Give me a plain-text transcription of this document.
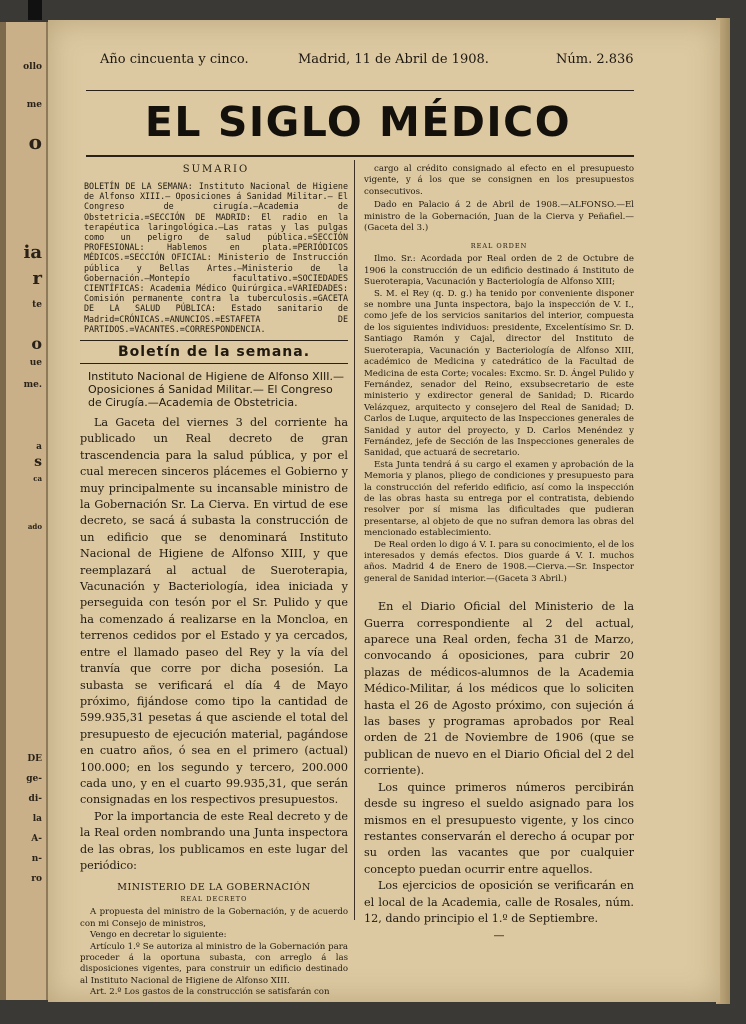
ollo
me
o
ia
r
te
o
ue
me.
a
s
ca
ado
DE
ge-
di-
la
A-
n-
ro
Año cincuenta y cinco.	Madrid, 11 de Abril de 1908.	Núm. 2.836
EL SIGLO MÉDICO
SUMARIO

BOLETÍN DE LA SEMANA: Instituto Nacional de Higiene de Alfonso XIII.— Oposiciones á Sanidad Militar.— El Congreso de cirugía.—Academia de Obstetricia.=SECCIÓN DE MADRID: El radio en la terapéutica laringológica.—Las ratas y las pulgas como un peligro de salud pública.=SECCIÓN PROFESIONAL: Hablemos en plata.=PERIÓDICOS MÉDICOS.=SECCIÓN OFICIAL: Ministerio de Instrucción pública y Bellas Artes.—Ministerio de la Gobernación.—Montepío facultativo.=SOCIEDADES CIENTÍFICAS: Academia Médico Quirúrgica.=VARIEDADES: Comisión permanente contra la tuberculosis.=GACETA DE LA SALUD PÚBLICA: Estado sanitario de Madrid=CRÓNICAS.=ANUNCIOS.=ESTAFETA DE PARTIDOS.=VACANTES.=CORRESPONDENCIA.

Boletín de la semana.

Instituto Nacional de Higiene de Alfonso XIII.—Oposiciones á Sanidad Militar.— El Congreso de Cirugía.—Academia de Obstetricia.

La Gaceta del viernes 3 del corriente ha publicado un Real decreto de gran trascendencia para la salud pública, y por el cual merecen sinceros plácemes el Gobierno y muy principalmente su incansable ministro de la Gobernación Sr. La Cierva. En virtud de ese decreto, se sacá á subasta la construcción de un edificio que se denominará Instituto Nacional de Higiene de Alfonso XIII, y que reemplazará al actual de Sueroterapia, Vacunación y Bacteriología, idea iniciada y perseguida con tesón por el Sr. Pulido y que ha comenzado á realizarse en la Moncloa, en terrenos cedidos por el Estado y ya cercados, entre el llamado paseo del Rey y la vía del tranvía que corre por dicha posesión. La subasta se verificará el día 4 de Mayo próximo, fijándose como tipo la cantidad de 599.935,31 pesetas á que asciende el total del presupuesto de ejecución material, pagándose en cuatro años, ó sea en el primero (actual) 100.000; en los segundo y tercero, 200.000 cada uno, y en el cuarto 99.935,31, que serán consignadas en los respectivos presupuestos.

Por la importancia de este Real decreto y de la Real orden nombrando una Junta inspectora de las obras, los publicamos en este lugar del periódico:

MINISTERIO DE LA GOBERNACIÓN
REAL DECRETO

A propuesta del ministro de la Gobernación, y de acuerdo con mi Consejo de ministros,

Vengo en decretar lo siguiente:

Artículo 1.º Se autoriza al ministro de la Gobernación para proceder á la oportuna subasta, con arreglo á las disposiciones vigentes, para construir un edificio destinado al Instituto Nacional de Higiene de Alfonso XIII.

Art. 2.º Los gastos de la construcción se satisfarán con

cargo al crédito consignado al efecto en el presupuesto vigente, y á los que se consignen en los presupuestos consecutivos.

Dado en Palacio á 2 de Abril de 1908.—ALFONSO.—El ministro de la Gobernación, Juan de la Cierva y Peñafiel.—(Gaceta del 3.)

REAL ORDEN

Ilmo. Sr.: Acordada por Real orden de 2 de Octubre de 1906 la construcción de un edificio destinado á Instituto de Sueroterapia, Vacunación y Bacteriología de Alfonso XIII;

S. M. el Rey (q. D. g.) ha tenido por conveniente disponer se nombre una Junta inspectora, bajo la inspección de V. I., como jefe de los servicios sanitarios del interior, compuesta de los siguientes individuos: presidente, Excelentísimo Sr. D. Santiago Ramón y Cajal, director del Instituto de Sueroterapia, Vacunación y Bacteriología de Alfonso XIII, académico de Medicina y catedrático de la Facultad de Medicina de esta Corte; vocales: Excmo. Sr. D. Ángel Pulido y Fernández, senador del Reino, exsubsecretario de este ministerio y exdirector general de Sanidad; D. Ricardo Velázquez, arquitecto y consejero del Real de Sanidad; D. Carlos de Luque, arquitecto de las Inspecciones generales de Sanidad y autor del proyecto, y D. Carlos Menéndez y Fernández, jefe de Sección de las Inspecciones generales de Sanidad, que actuará de secretario.

Esta Junta tendrá á su cargo el examen y aprobación de la Memoria y planos, pliego de condiciones y presupuesto para la construcción del referido edificio, así como la inspección de las obras hasta su entrega por el contratista, debiendo resolver por sí misma las dificultades que pudieran presentarse, al objeto de que no sufran demora las obras del mencionado establecimiento.

De Real orden lo digo á V. I. para su conocimiento, el de los interesados y demás efectos. Dios guarde á V. I. muchos años. Madrid 4 de Enero de 1908.—Cierva.—Sr. Inspector general de Sanidad interior.—(Gaceta 3 Abril.)

En el Diario Oficial del Ministerio de la Guerra correspondiente al 2 del actual, aparece una Real orden, fecha 31 de Marzo, convocando á oposiciones, para cubrir 20 plazas de médicos-alumnos de la Academia Médico-Militar, á los médicos que lo soliciten hasta el 26 de Agosto próximo, con sujeción á las bases y programas aprobados por Real orden de 21 de Noviembre de 1906 (que se publican de nuevo en el Diario Oficial del 2 del corriente).

Los quince primeros números percibirán desde su ingreso el sueldo asignado para los mismos en el presupuesto vigente, y los cinco restantes conservarán el derecho á ocupar por su orden las vacantes que por cualquier concepto puedan ocurrir entre aquellos.

Los ejercicios de oposición se verificarán en el local de la Academia, calle de Rosales, núm. 12, dando principio el 1.º de Septiembre.

—
